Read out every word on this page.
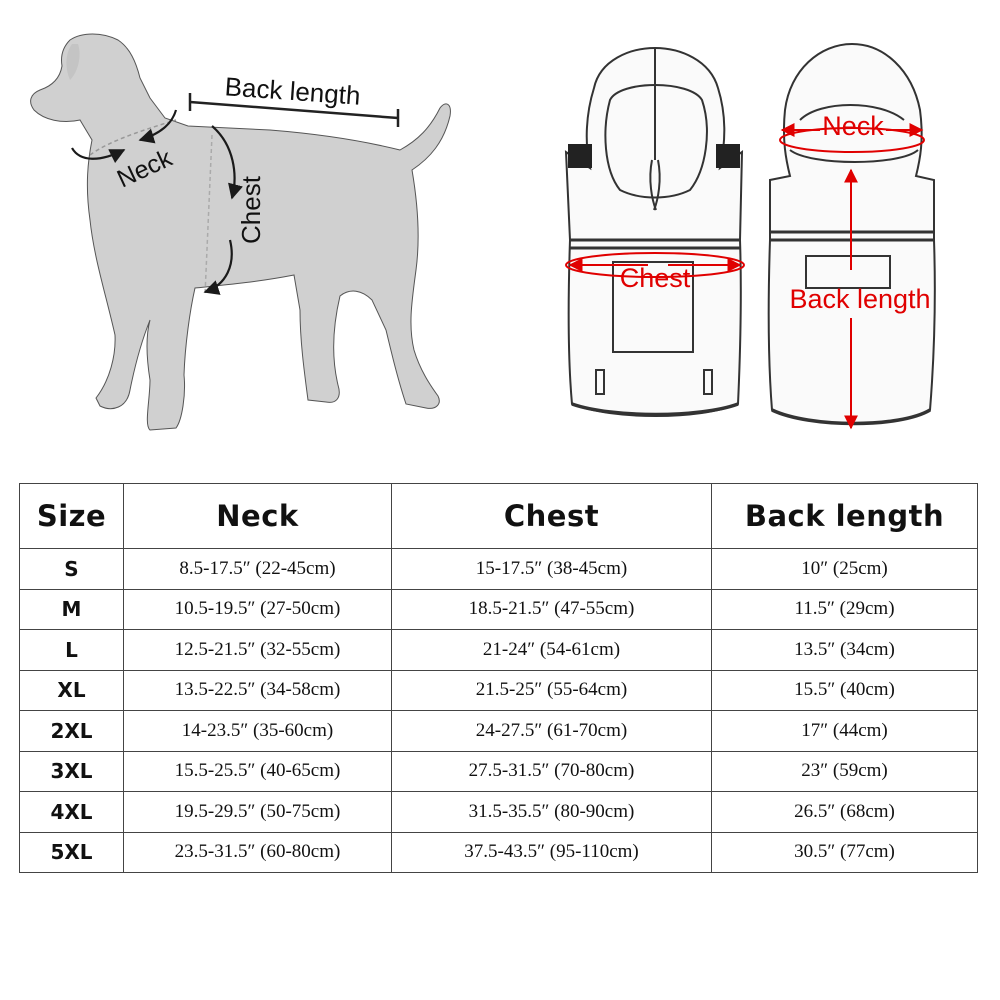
Back length
Neck
Chest
Chest
Neck
Back length
Size	Neck	Chest	Back length
S	8.5-17.5″ (22-45cm)	15-17.5″ (38-45cm)	10″ (25cm)
M	10.5-19.5″ (27-50cm)	18.5-21.5″ (47-55cm)	11.5″ (29cm)
L	12.5-21.5″ (32-55cm)	21-24″ (54-61cm)	13.5″ (34cm)
XL	13.5-22.5″ (34-58cm)	21.5-25″ (55-64cm)	15.5″ (40cm)
2XL	14-23.5″ (35-60cm)	24-27.5″ (61-70cm)	17″ (44cm)
3XL	15.5-25.5″ (40-65cm)	27.5-31.5″ (70-80cm)	23″ (59cm)
4XL	19.5-29.5″ (50-75cm)	31.5-35.5″ (80-90cm)	26.5″ (68cm)
5XL	23.5-31.5″ (60-80cm)	37.5-43.5″ (95-110cm)	30.5″ (77cm)
